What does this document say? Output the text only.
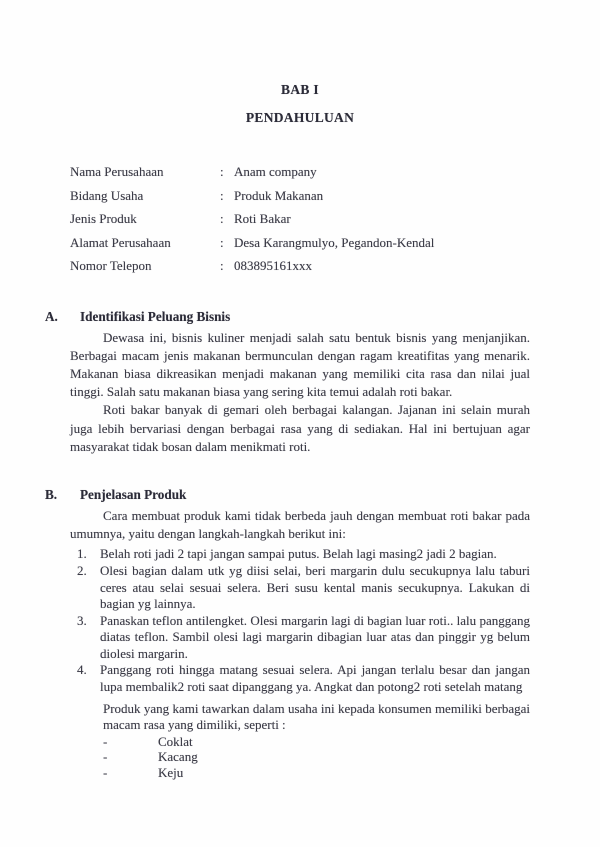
BAB I
PENDAHULUAN
Nama Perusahaan	: Anam company
Bidang Usaha	: Produk Makanan
Jenis Produk	: Roti Bakar
Alamat Perusahaan	: Desa Karangmulyo, Pegandon-Kendal
Nomor Telepon	: 083895161xxx
A.	Identifikasi Peluang Bisnis

Dewasa ini, bisnis kuliner menjadi salah satu bentuk bisnis yang menjanjikan. Berbagai macam jenis makanan bermunculan dengan ragam kreatifitas yang menarik. Makanan biasa dikreasikan menjadi makanan yang memiliki cita rasa dan nilai jual tinggi. Salah satu makanan biasa yang sering kita temui adalah roti bakar.

Roti bakar banyak di gemari oleh berbagai kalangan. Jajanan ini selain murah juga lebih bervariasi dengan berbagai rasa yang di sediakan. Hal ini bertujuan agar masyarakat tidak bosan dalam menikmati roti.

B.	Penjelasan Produk

Cara membuat produk kami tidak berbeda jauh dengan membuat roti bakar pada umumnya, yaitu dengan langkah-langkah berikut ini:

1.	Belah roti jadi 2 tapi jangan sampai putus. Belah lagi masing2 jadi 2 bagian.
2.	Olesi bagian dalam utk yg diisi selai, beri margarin dulu secukupnya lalu taburi ceres atau selai sesuai selera. Beri susu kental manis secukupnya. Lakukan di bagian yg lainnya.
3.	Panaskan teflon antilengket. Olesi margarin lagi di bagian luar roti.. lalu panggang diatas teflon. Sambil olesi lagi margarin dibagian luar atas dan pinggir yg belum diolesi margarin.
4.	Panggang roti hingga matang sesuai selera. Api jangan terlalu besar dan jangan lupa membalik2 roti saat dipanggang ya. Angkat dan potong2 roti setelah matang

Produk yang kami tawarkan dalam usaha ini kepada konsumen memiliki berbagai macam rasa yang dimiliki, seperti :

-	Coklat
-	Kacang
-	Keju
